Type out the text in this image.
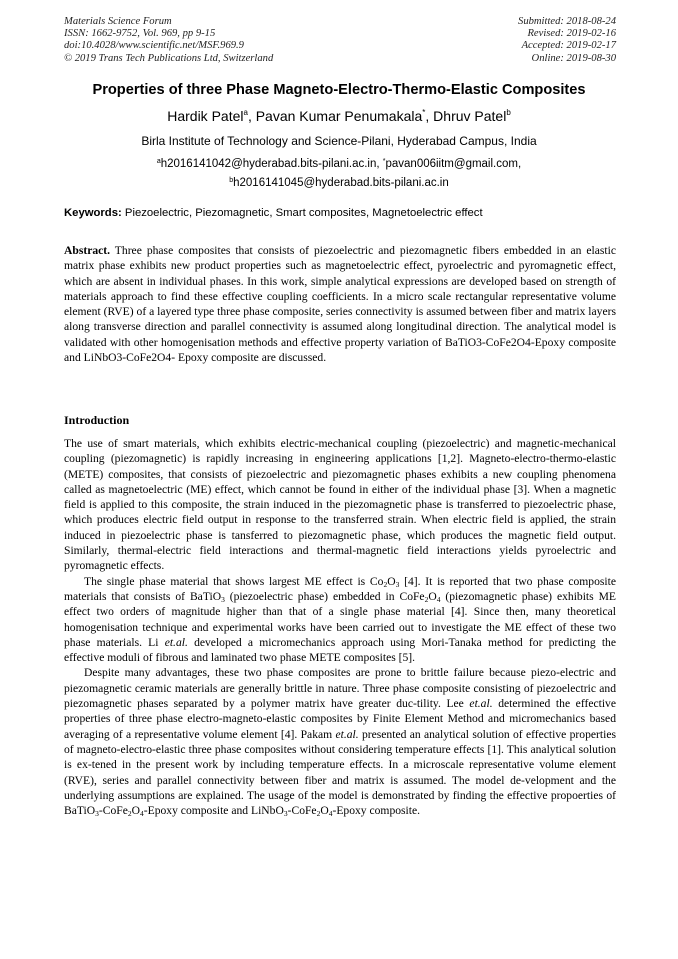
Materials Science Forum
ISSN: 1662-9752, Vol. 969, pp 9-15
doi:10.4028/www.scientific.net/MSF.969.9
© 2019 Trans Tech Publications Ltd, Switzerland
Submitted: 2018-08-24
Revised: 2019-02-16
Accepted: 2019-02-17
Online: 2019-08-30
Properties of three Phase Magneto-Electro-Thermo-Elastic Composites
Hardik Patel$^a$, Pavan Kumar Penumakala*, Dhruv Patel$^b$
Birla Institute of Technology and Science-Pilani, Hyderabad Campus, India
$^a$h2016141042@hyderabad.bits-pilani.ac.in, *pavan006iitm@gmail.com,
$^b$h2016141045@hyderabad.bits-pilani.ac.in
Keywords: Piezoelectric, Piezomagnetic, Smart composites, Magnetoelectric effect

Abstract. Three phase composites that consists of piezoelectric and piezomagnetic fibers embedded in an elastic matrix phase exhibits new product properties such as magnetoelectric effect, pyroelectric and pyromagnetic effect, which are absent in individual phases. In this work, simple analytical expressions are developed based on strength of materials approach to find these effective coupling coefficients. In a micro scale rectangular representative volume element (RVE) of a layered type three phase composite, series connectivity is assumed between fiber and matrix layers along transverse direction and parallel connectivity is assumed along longitudinal direction. The analytical model is validated with other homogenisation methods and effective property variation of BaTiO3-CoFe2O4-Epoxy composite and LiNbO3-CoFe2O4- Epoxy composite are discussed.

Introduction

The use of smart materials, which exhibits electric-mechanical coupling (piezoelectric) and magnetic-mechanical coupling (piezomagnetic) is rapidly increasing in engineering applications [1,2]. Magneto-electro-thermo-elastic (METE) composites, that consists of piezoelectric and piezomagnetic phases exhibits a new coupling phenomena called as magnetoelectric (ME) effect, which cannot be found in either of the individual phase [3]. When a magnetic field is applied to this composite, the strain induced in the piezomagnetic phase is transferred to piezoelectric phase, which produces electric field output in response to the transferred strain. When electric field is applied, the strain induced in piezoelectric phase is tansferred to piezomagnetic phase, which produces the magnetic field output. Similarly, thermal-electric field interactions and thermal-magnetic field interactions yields pyroelectric and pyromagnetic effects.

The single phase material that shows largest ME effect is $Co_2O_3$ [4]. It is reported that two phase composite materials that consists of BaTiO$_3$ (piezoelectric phase) embedded in $CoFe_2O_4$ (piezomagnetic phase) exhibits ME effect two orders of magnitude higher than that of a single phase material [4]. Since then, many theoretical homogenisation technique and experimental works have been carried out to investigate the ME effect of these two phase materials. Li et.al. developed a micromechanics approach using Mori-Tanaka method for predicting the effective moduli of fibrous and laminated two phase METE composites [5].

Despite many advantages, these two phase composites are prone to brittle failure because piezo-electric and piezomagnetic ceramic materials are generally brittle in nature. Three phase composite consisting of piezoelectric and piezomagnetic phases separated by a polymer matrix have greater duc-tility. Lee et.al. determined the effective properties of three phase electro-magneto-elastic composites by Finite Element Method and micromechanics based averaging of a representative volume element [4]. Pakam et.al. presented an analytical solution of effective properties of magneto-electro-elastic three phase composites without considering temperature effects [1]. This analytical solution is ex-tened in the present work by including temperature effects. In a microscale representative volume element (RVE), series and parallel connectivity between fiber and matrix is assumed. The model de-velopment and the underlying assumptions are explained. The usage of the model is demonstrated by finding the effective propoerties of $BaTiO_3-CoFe_2O_4$-Epoxy composite and $LiNbO_3-CoFe_2O_4$-Epoxy composite.
